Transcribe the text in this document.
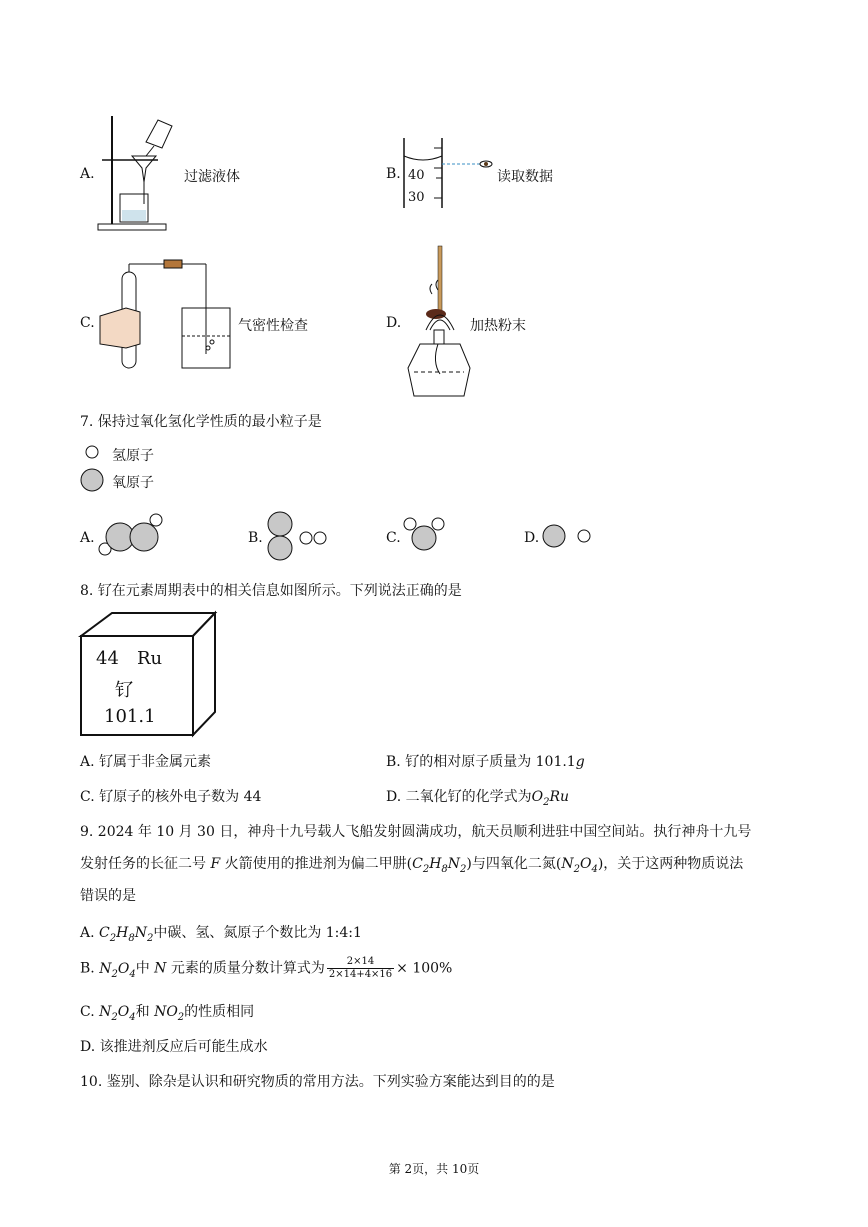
A.	过滤液体	B. 40
30
读取数据
C.	气密性检查	D.	加热粉末
7. 保持过氧化氢化学性质的最小粒子是
氢原子
氧原子
A.	B.	C.	D.
8. 钌在元素周期表中的相关信息如图所示。下列说法正确的是
44 Ru
钌
101.1
A. 钌属于非金属元素	B. 钌的相对原子质量为 101.1g
C. 钌原子的核外电子数为 44	D. 二氧化钌的化学式为$O_2Ru$
9. 2024 年 10 月 30 日，神舟十九号载人飞船发射圆满成功，航天员顺利进驻中国空间站。执行神舟十九号
发射任务的长征二号 F 火箭使用的推进剂为偏二甲肼$(C_2H_8N_2)$与四氧化二氮$(N_2O_4)$，关于这两种物质说法
错误的是
A. $C_2H_8N_2$中碳、氢、氮原子个数比为 1:4:1
B. $N_2O_4$中 N 元素的质量分数计算式为 $\frac{2\times 14}{2\times 14+4\times 16} \times 100\%$
C. $N_2O_4$和 $NO_2$的性质相同
D. 该推进剂反应后可能生成水
10. 鉴别、除杂是认识和研究物质的常用方法。下列实验方案能达到目的的是
第 2页，共 10页
